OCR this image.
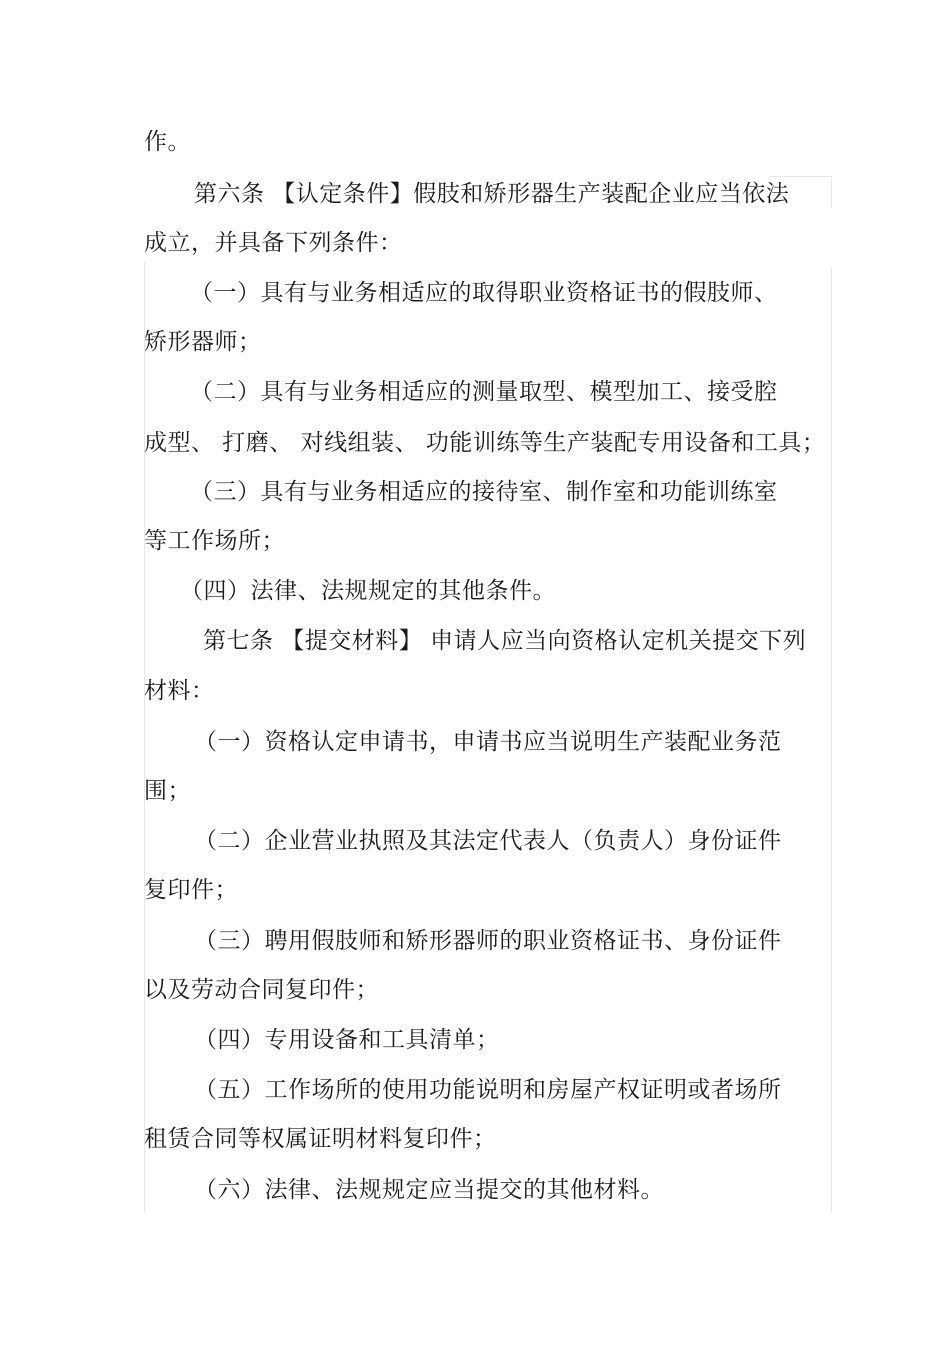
作。
第六条 【认定条件】假肢和矫形器生产装配企业应当依法
成立，并具备下列条件：
（一）具有与业务相适应的取得职业资格证书的假肢师、
矫形器师；
（二）具有与业务相适应的测量取型、模型加工、接受腔
成型、 打磨、 对线组装、 功能训练等生产装配专用设备和工具；
（三）具有与业务相适应的接待室、制作室和功能训练室
等工作场所；
（四）法律、法规规定的其他条件。
第七条 【提交材料】 申请人应当向资格认定机关提交下列
材料：
（一）资格认定申请书，申请书应当说明生产装配业务范
围；
（二）企业营业执照及其法定代表人（负责人）身份证件
复印件；
（三）聘用假肢师和矫形器师的职业资格证书、身份证件
以及劳动合同复印件；
（四）专用设备和工具清单；
（五）工作场所的使用功能说明和房屋产权证明或者场所
租赁合同等权属证明材料复印件；
（六）法律、法规规定应当提交的其他材料。
